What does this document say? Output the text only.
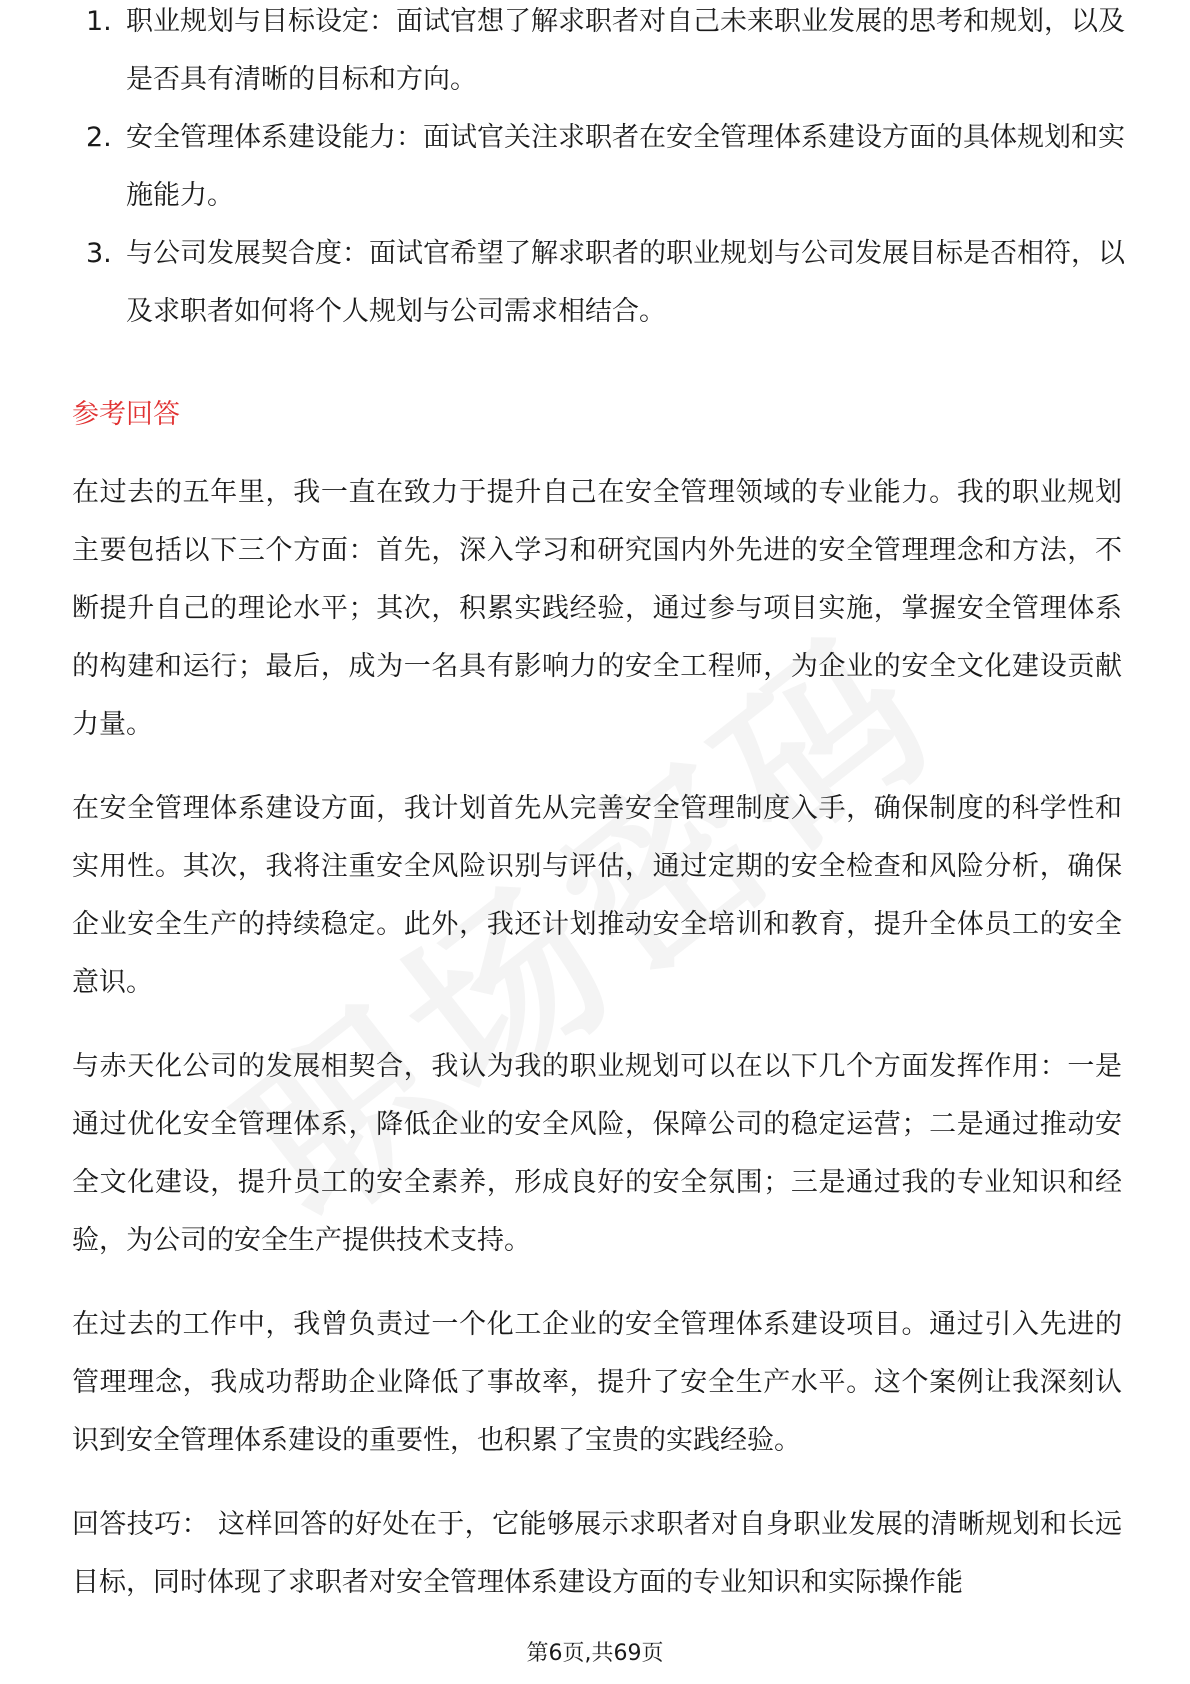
1. 职业规划与目标设定：面试官想了解求职者对自己未来职业发展的思考和规划，以及是否具有清晰的目标和方向。
2. 安全管理体系建设能力：面试官关注求职者在安全管理体系建设方面的具体规划和实施能力。
3. 与公司发展契合度：面试官希望了解求职者的职业规划与公司发展目标是否相符，以及求职者如何将个人规划与公司需求相结合。
参考回答

在过去的五年里，我一直在致力于提升自己在安全管理领域的专业能力。我的职业规划主要包括以下三个方面：首先，深入学习和研究国内外先进的安全管理理念和方法，不断提升自己的理论水平；其次，积累实践经验，通过参与项目实施，掌握安全管理体系的构建和运行；最后，成为一名具有影响力的安全工程师，为企业的安全文化建设贡献力量。

在安全管理体系建设方面，我计划首先从完善安全管理制度入手，确保制度的科学性和实用性。其次，我将注重安全风险识别与评估，通过定期的安全检查和风险分析，确保企业安全生产的持续稳定。此外，我还计划推动安全培训和教育，提升全体员工的安全意识。

与赤天化公司的发展相契合，我认为我的职业规划可以在以下几个方面发挥作用：一是通过优化安全管理体系，降低企业的安全风险，保障公司的稳定运营；二是通过推动安全文化建设，提升员工的安全素养，形成良好的安全氛围；三是通过我的专业知识和经验，为公司的安全生产提供技术支持。

在过去的工作中，我曾负责过一个化工企业的安全管理体系建设项目。通过引入先进的管理理念，我成功帮助企业降低了事故率，提升了安全生产水平。这个案例让我深刻认识到安全管理体系建设的重要性，也积累了宝贵的实践经验。

回答技巧： 这样回答的好处在于，它能够展示求职者对自身职业发展的清晰规划和长远目标，同时体现了求职者对安全管理体系建设方面的专业知识和实际操作能

第6页,共69页
